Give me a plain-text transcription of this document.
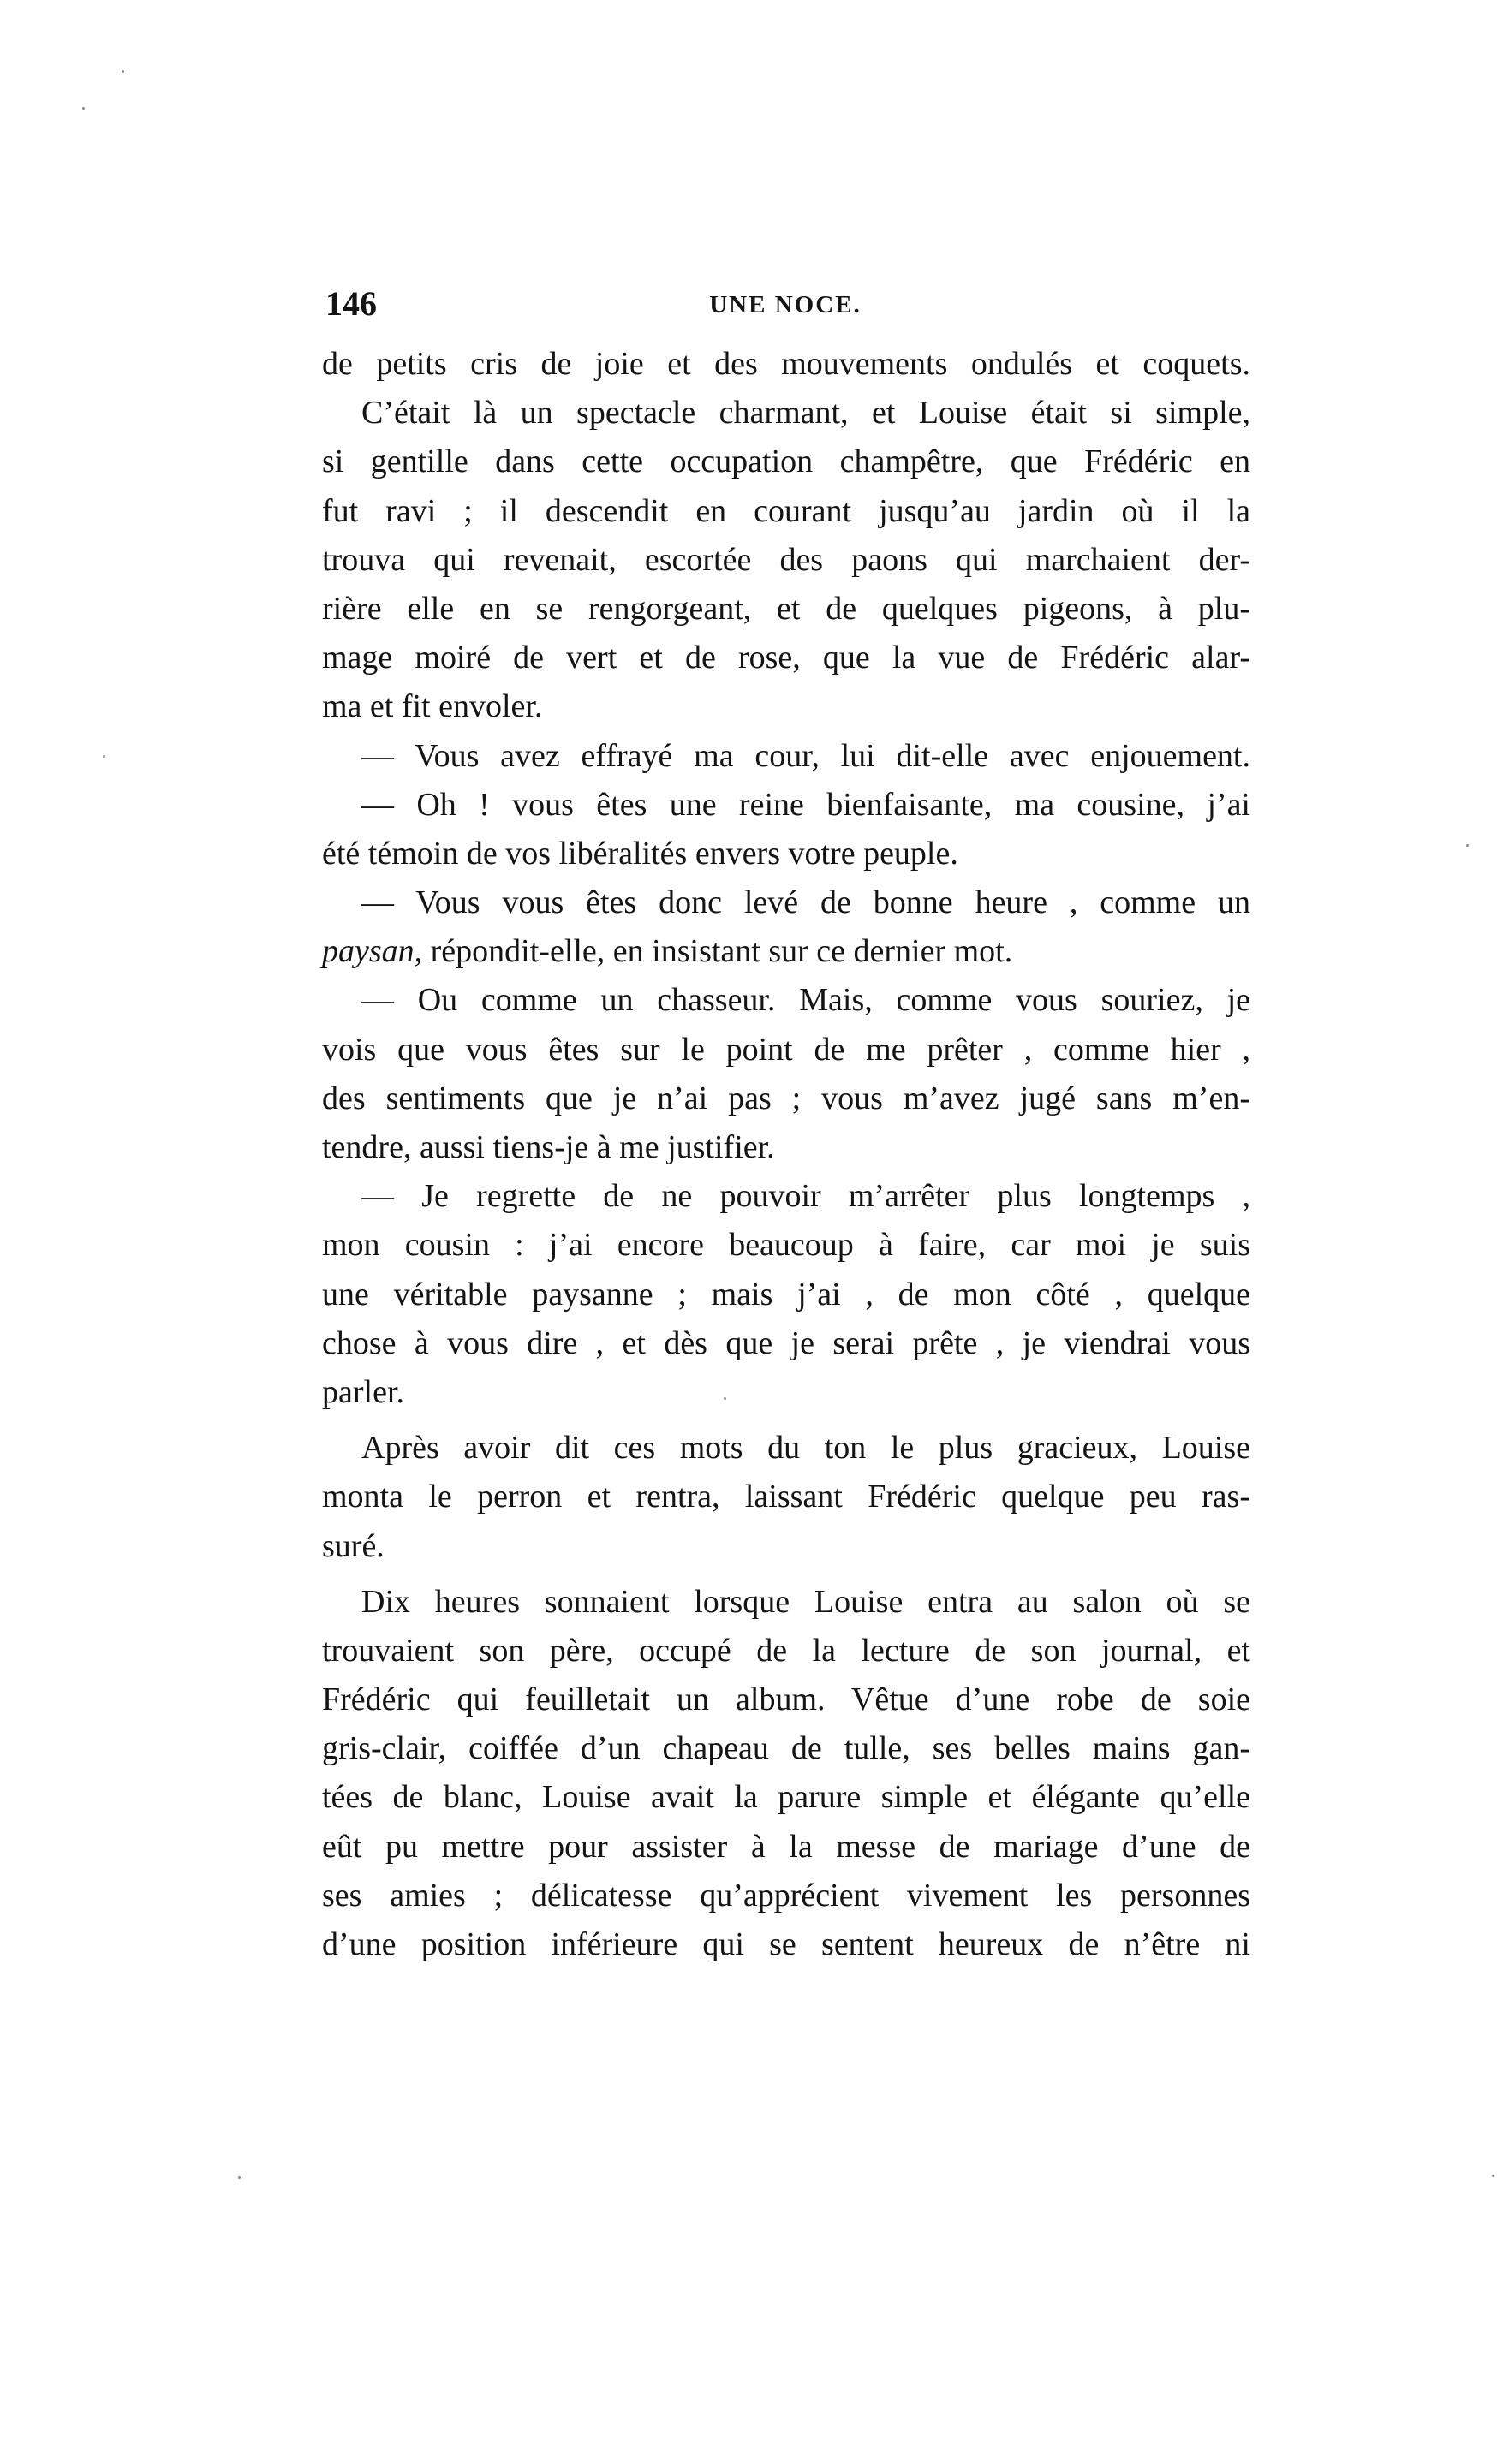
146	UNE NOCE.
de petits cris de joie et des mouvements ondulés et coquets.
C’était là un spectacle charmant, et Louise était si simple,
si gentille dans cette occupation champêtre, que Frédéric en
fut ravi ; il descendit en courant jusqu’au jardin où il la
trouva qui revenait, escortée des paons qui marchaient der-
rière elle en se rengorgeant, et de quelques pigeons, à plu-
mage moiré de vert et de rose, que la vue de Frédéric alar-
ma et fit envoler.
— Vous avez effrayé ma cour, lui dit-elle avec enjouement.
— Oh ! vous êtes une reine bienfaisante, ma cousine, j’ai
été témoin de vos libéralités envers votre peuple.
— Vous vous êtes donc levé de bonne heure , comme un
paysan, répondit-elle, en insistant sur ce dernier mot.
— Ou comme un chasseur. Mais, comme vous souriez, je
vois que vous êtes sur le point de me prêter , comme hier ,
des sentiments que je n’ai pas ; vous m’avez jugé sans m’en-
tendre, aussi tiens-je à me justifier.
— Je regrette de ne pouvoir m’arrêter plus longtemps ,
mon cousin : j’ai encore beaucoup à faire, car moi je suis
une véritable paysanne ; mais j’ai , de mon côté , quelque
chose à vous dire , et dès que je serai prête , je viendrai vous
parler.
Après avoir dit ces mots du ton le plus gracieux, Louise
monta le perron et rentra, laissant Frédéric quelque peu ras-
suré.
Dix heures sonnaient lorsque Louise entra au salon où se
trouvaient son père, occupé de la lecture de son journal, et
Frédéric qui feuilletait un album. Vêtue d’une robe de soie
gris-clair, coiffée d’un chapeau de tulle, ses belles mains gan-
tées de blanc, Louise avait la parure simple et élégante qu’elle
eût pu mettre pour assister à la messe de mariage d’une de
ses amies ; délicatesse qu’apprécient vivement les personnes
d’une position inférieure qui se sentent heureux de n’être ni
